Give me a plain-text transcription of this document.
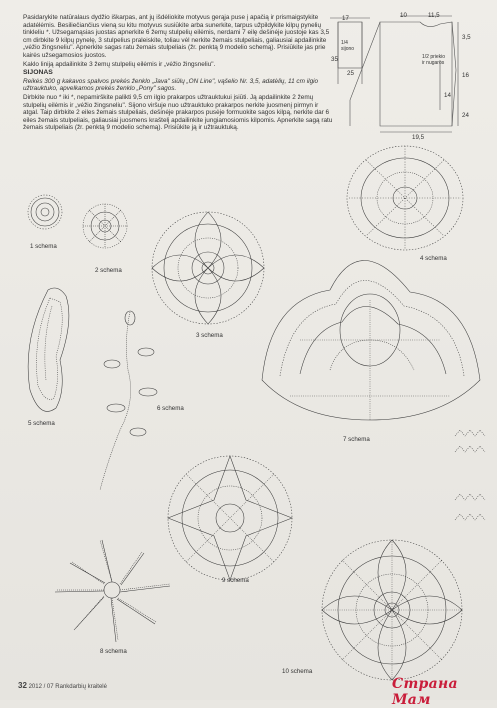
Pasidarykite natūralaus dydžio iškarpas, ant jų išdėliokite motyvus gerąja puse į apačią ir prismaigstykite adatėlėmis. Besiliečiančius vieną su kitu motyvus susiūkite arba sunerkite, tarpus užpildykite kilpų pynelių tinkleliu *. Užsegamąsias juostas apnerkite 6 žemų stulpelių eilėmis, nerdami 7 eilę dešinėje juostoje kas 3,5 cm dirbkite 9 kilpų pynelę, 3 stulpelius praleiskite, toliau vėl nerkite žemais stulpeliais, galiausiai apdailinkite „vėžio žingsneliu". Apnerkite sagas ratu žemais stulpeliais (žr. penktą 9 modelio schemą). Prisiūkite jas prie kairės užsegamosios juostos.

Kaklo liniją apdailinkite 3 žemų stulpelių eilėmis ir „vėžio žingsneliu".

SIJONAS

Reikės 300 g kakavos spalvos prekės ženklo „Java" siūlų „ON Line", vąšelio Nr. 3,5, adatėlių, 11 cm ilgio užtrauktuko, apvelkamos prekės ženklo „Pony" sagos.

Dirbkite nuo * iki *, nepamirškite palikti 9,5 cm ilgio prakarpos užtrauktukui įsiūti. Ją apdailinkite 2 žemų stulpelių eilėmis ir „vėžio žingsneliu". Sijono viršuje nuo užtrauktuko prakarpos nerkite juosmenį pirmyn ir atgal. Taip dirbkite 2 eiles žemais stulpeliais, dešinėje prakarpos pusėje formuokite sagos kilpą, nerkite dar 6 eiles žemais stulpeliais, galiausiai juosmens kraštelį apdailinkite jungiamosiomis kilpomis. Apnerkite sagą ratu žemais stulpeliais (žr. penktą 9 modelio schemą). Prisiūkite ją ir užtrauktuką.

17
1/4 sijono
35
25
10	11,5
1/2 priekio ir nugaros
3,5
16
14
24
19,5
1 schema
2 schema
3 schema
4 schema
5 schema
6 schema
7 schema
8 schema
9 schema
10 schema
32 2012 / 07 Rankdarbių kraitelė	Страна Мам
